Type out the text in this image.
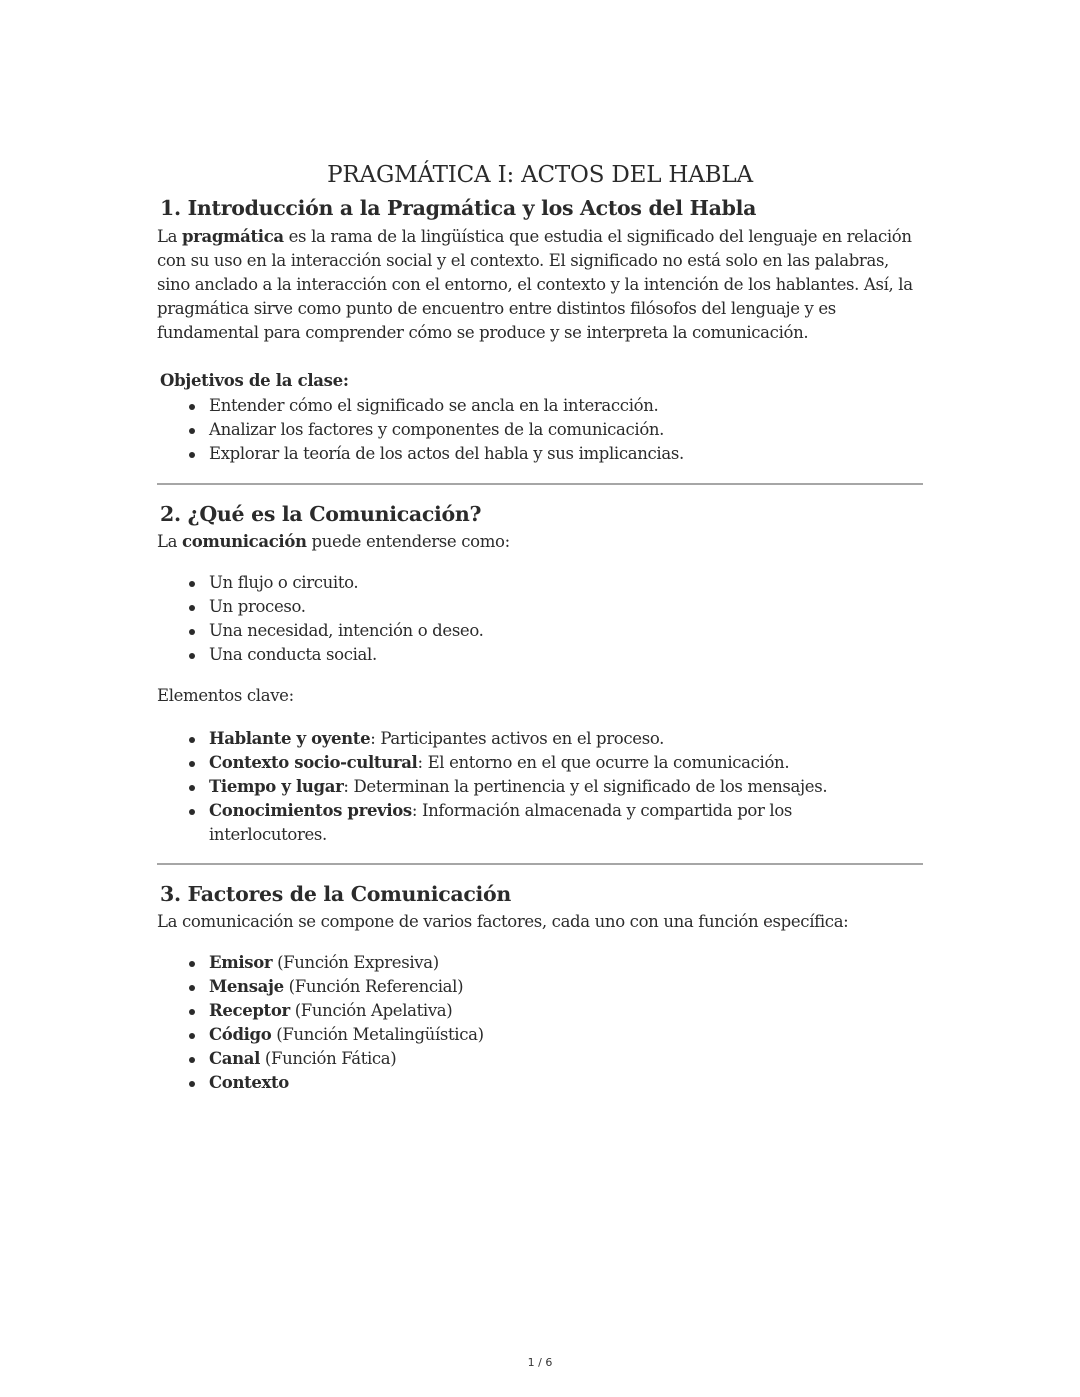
PRAGMÁTICA I: ACTOS DEL HABLA
1. Introducción a la Pragmática y los Actos del Habla

La pragmática es la rama de la lingüística que estudia el significado del lenguaje en relación con su uso en la interacción social y el contexto. El significado no está solo en las palabras, sino anclado a la interacción con el entorno, el contexto y la intención de los hablantes. Así, la pragmática sirve como punto de encuentro entre distintos filósofos del lenguaje y es fundamental para comprender cómo se produce y se interpreta la comunicación.

Objetivos de la clase:
Entender cómo el significado se ancla en la interacción.
Analizar los factores y componentes de la comunicación.
Explorar la teoría de los actos del habla y sus implicancias.
2. ¿Qué es la Comunicación?

La comunicación puede entenderse como:

Un flujo o circuito.
Un proceso.
Una necesidad, intención o deseo.
Una conducta social.

Elementos clave:

Hablante y oyente: Participantes activos en el proceso.
Contexto socio-cultural: El entorno en el que ocurre la comunicación.
Tiempo y lugar: Determinan la pertinencia y el significado de los mensajes.
Conocimientos previos: Información almacenada y compartida por los interlocutores.
3. Factores de la Comunicación

La comunicación se compone de varios factores, cada uno con una función específica:

Emisor (Función Expresiva)
Mensaje (Función Referencial)
Receptor (Función Apelativa)
Código (Función Metalingüística)
Canal (Función Fática)
Contexto
1 / 6
